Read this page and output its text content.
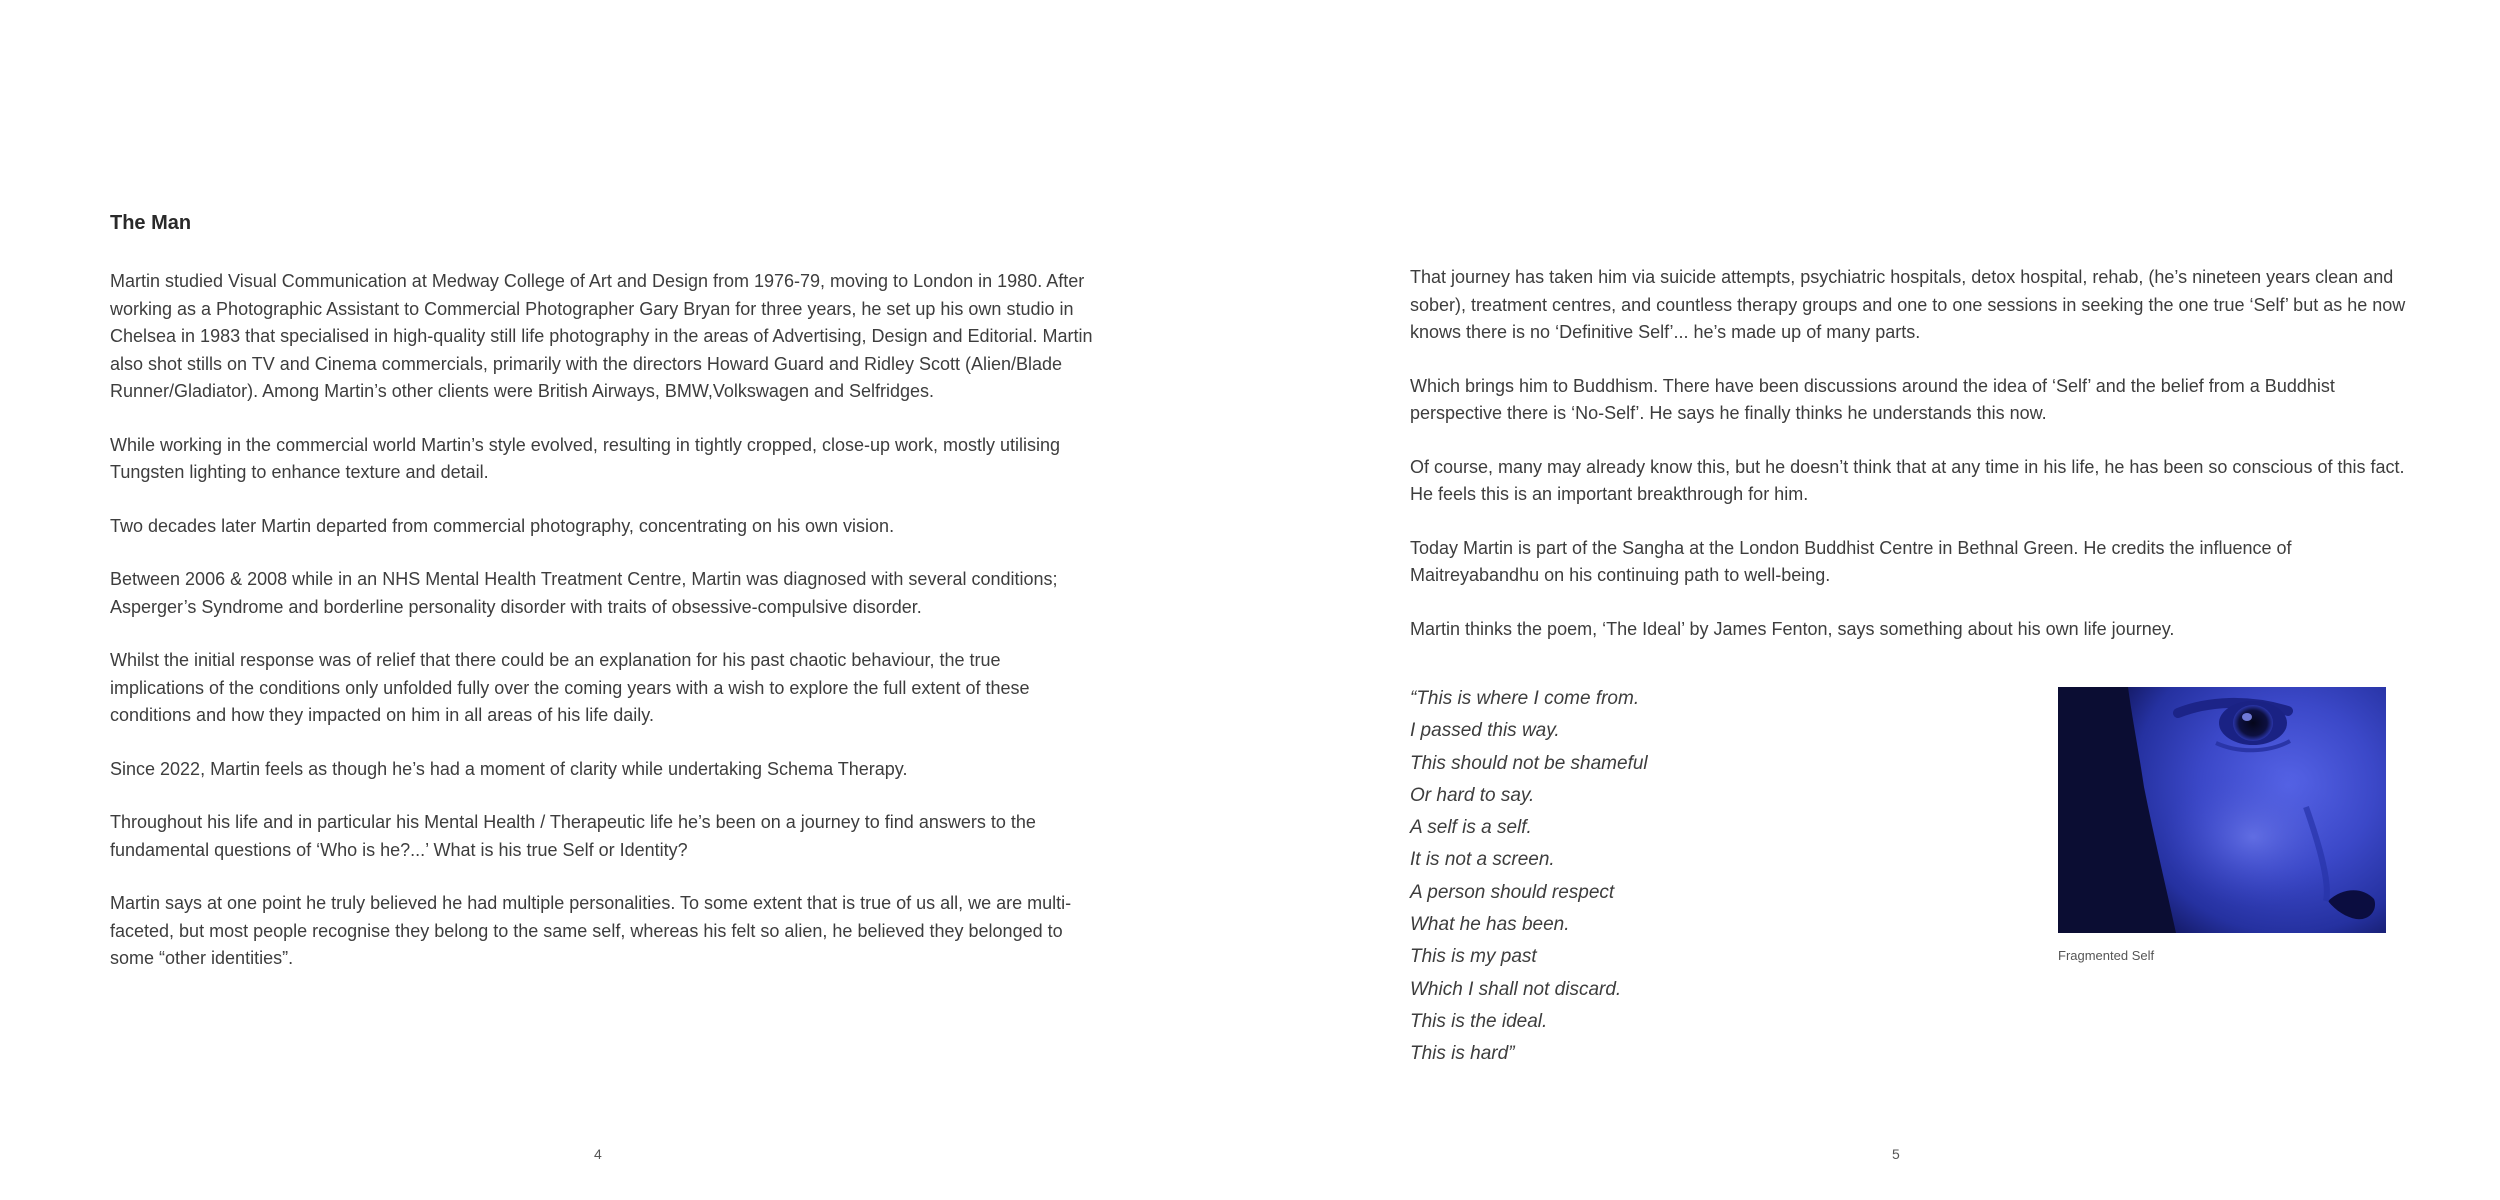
The Man

Martin studied Visual Communication at Medway College of Art and Design from 1976-79, moving to London in 1980. After working as a Photographic Assistant to Commercial Photographer Gary Bryan for three years, he set up his own studio in Chelsea in 1983 that specialised in high-quality still life photography in the areas of Advertising, Design and Editorial. Martin also shot stills on TV and Cinema commercials, primarily with the directors Howard Guard and Ridley Scott (Alien/Blade Runner/Gladiator). Among Martin’s other clients were British Airways, BMW,Volkswagen and Selfridges.

While working in the commercial world Martin’s style evolved, resulting in tightly cropped, close-up work, mostly utilising Tungsten lighting to enhance texture and detail.

Two decades later Martin departed from commercial photography, concentrating on his own vision.

Between 2006 & 2008 while in an NHS Mental Health Treatment Centre, Martin was diagnosed with several conditions; Asperger’s Syndrome and borderline personality disorder with traits of obsessive-compulsive disorder.

Whilst the initial response was of relief that there could be an explanation for his past chaotic behaviour, the true implications of the conditions only unfolded fully over the coming years with a wish to explore the full extent of these conditions and how they impacted on him in all areas of his life daily.

Since 2022, Martin feels as though he’s had a moment of clarity while undertaking Schema Therapy.

Throughout his life and in particular his Mental Health / Therapeutic life he’s been on a journey to find answers to the fundamental questions of ‘Who is he?...’ What is his true Self or Identity?

Martin says at one point he truly believed he had multiple personalities. To some extent that is true of us all, we are multi-faceted, but most people recognise they belong to the same self, whereas his felt so alien, he believed they belonged to some “other identities”.

4

That journey has taken him via suicide attempts, psychiatric hospitals, detox hospital, rehab, (he’s nineteen years clean and sober), treatment centres, and countless therapy groups and one to one sessions in seeking the one true ‘Self’ but as he now knows there is no ‘Definitive Self’... he’s made up of many parts.

Which brings him to Buddhism. There have been discussions around the idea of ‘Self’ and the belief from a Buddhist perspective there is ‘No-Self’. He says he finally thinks he understands this now.

Of course, many may already know this, but he doesn’t think that at any time in his life, he has been so conscious of this fact. He feels this is an important breakthrough for him.

Today Martin is part of the Sangha at the London Buddhist Centre in Bethnal Green. He credits the influence of Maitreyabandhu on his continuing path to well-being.

Martin thinks the poem, ‘The Ideal’ by James Fenton, says something about his own life journey.

“This is where I come from.
I passed this way.
This should not be shameful
Or hard to say.
A self is a self.
It is not a screen.
A person should respect
What he has been.
This is my past
Which I shall not discard.
This is the ideal.
This is hard”
Fragmented Self
5
